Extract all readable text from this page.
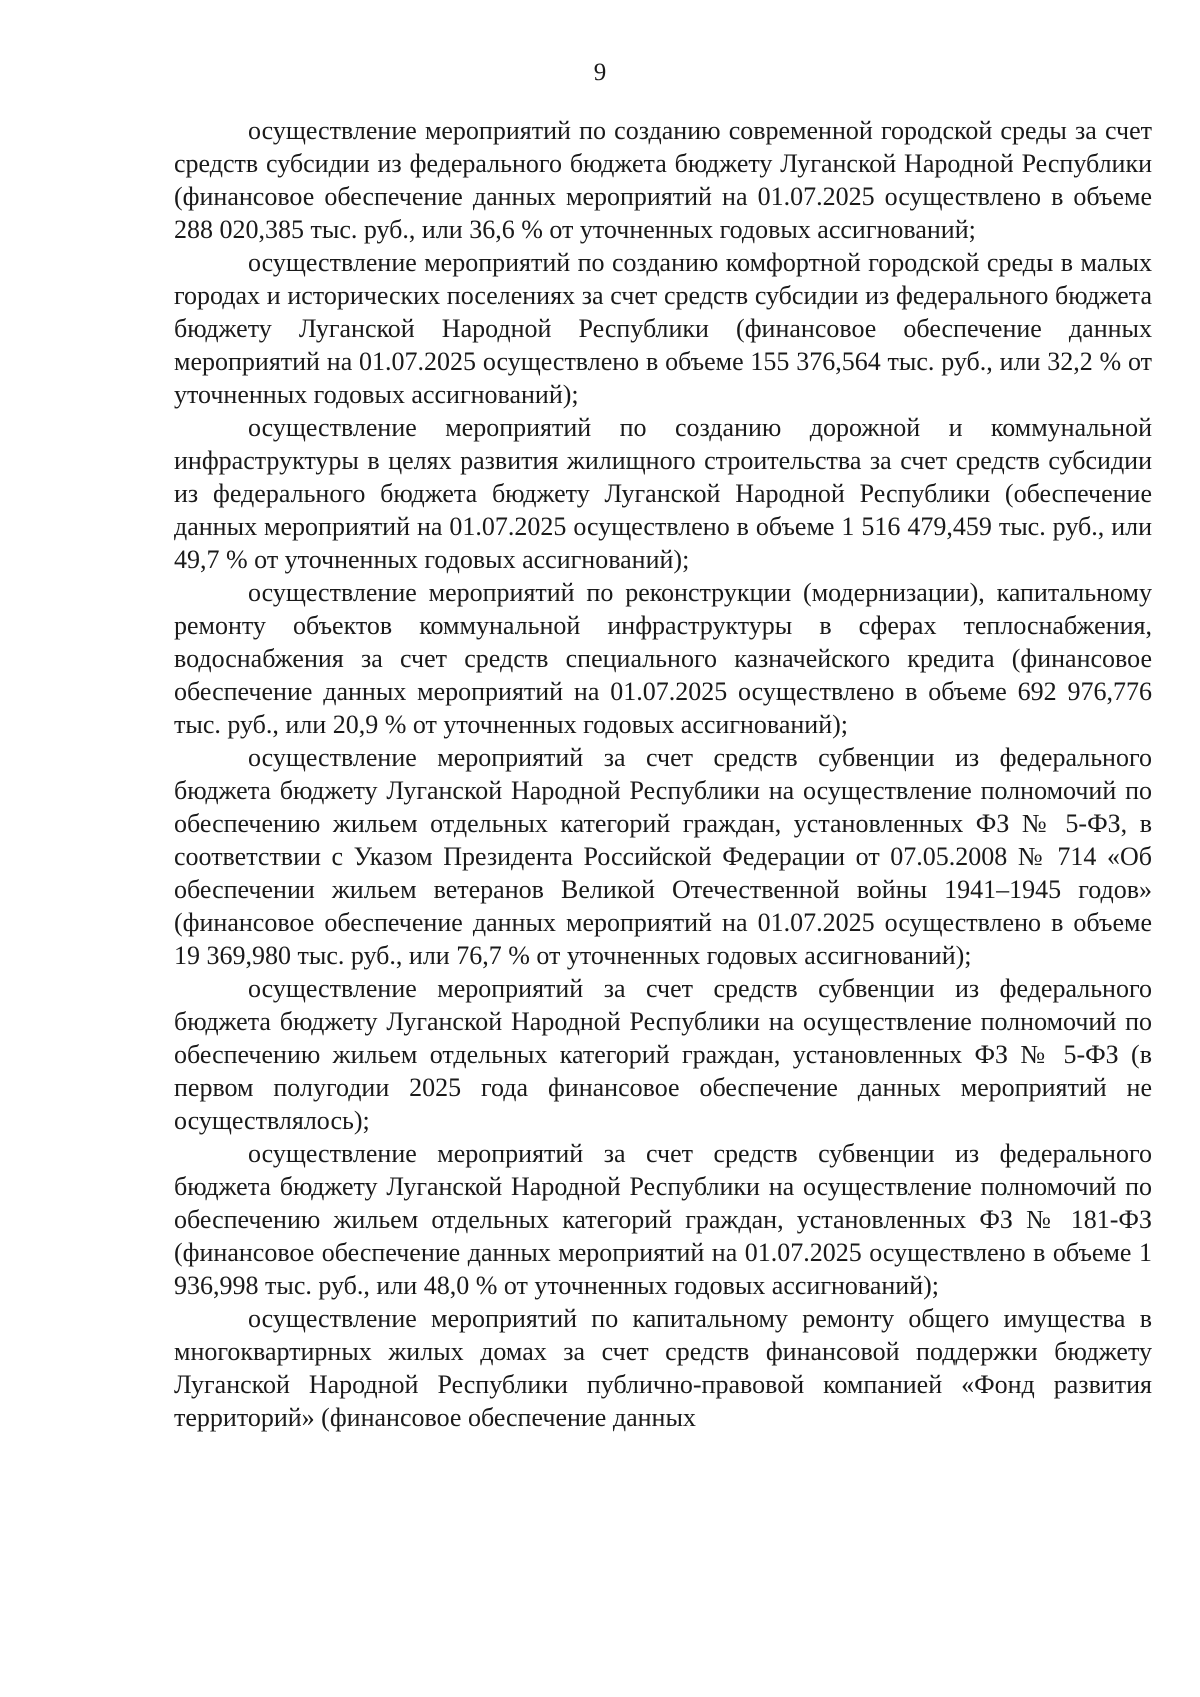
9

осуществление мероприятий по созданию современной городской среды за счет средств субсидии из федерального бюджета бюджету Луганской Народной Республики (финансовое обеспечение данных мероприятий на 01.07.2025 осуществлено в объеме 288 020,385 тыс. руб., или 36,6 % от уточненных годовых ассигнований;

осуществление мероприятий по созданию комфортной городской среды в малых городах и исторических поселениях за счет средств субсидии из федерального бюджета бюджету Луганской Народной Республики (финансовое обеспечение данных мероприятий на 01.07.2025 осуществлено в объеме 155 376,564 тыс. руб., или 32,2 % от уточненных годовых ассигнований);

осуществление мероприятий по созданию дорожной и коммунальной инфраструктуры в целях развития жилищного строительства за счет средств субсидии из федерального бюджета бюджету Луганской Народной Республики (обеспечение данных мероприятий на 01.07.2025 осуществлено в объеме 1 516 479,459 тыс. руб., или 49,7 % от уточненных годовых ассигнований);

осуществление мероприятий по реконструкции (модернизации), капитальному ремонту объектов коммунальной инфраструктуры в сферах теплоснабжения, водоснабжения за счет средств специального казначейского кредита (финансовое обеспечение данных мероприятий на 01.07.2025 осуществлено в объеме 692 976,776 тыс. руб., или 20,9 % от уточненных годовых ассигнований);

осуществление мероприятий за счет средств субвенции из федерального бюджета бюджету Луганской Народной Республики на осуществление полномочий по обеспечению жильем отдельных категорий граждан, установленных ФЗ № 5-ФЗ, в соответствии с Указом Президента Российской Федерации от 07.05.2008 № 714 «Об обеспечении жильем ветеранов Великой Отечественной войны 1941–1945 годов» (финансовое обеспечение данных мероприятий на 01.07.2025 осуществлено в объеме 19 369,980 тыс. руб., или 76,7 % от уточненных годовых ассигнований);

осуществление мероприятий за счет средств субвенции из федерального бюджета бюджету Луганской Народной Республики на осуществление полномочий по обеспечению жильем отдельных категорий граждан, установленных ФЗ № 5-ФЗ (в первом полугодии 2025 года финансовое обеспечение данных мероприятий не осуществлялось);

осуществление мероприятий за счет средств субвенции из федерального бюджета бюджету Луганской Народной Республики на осуществление полномочий по обеспечению жильем отдельных категорий граждан, установленных ФЗ № 181-ФЗ (финансовое обеспечение данных мероприятий на 01.07.2025 осуществлено в объеме 1 936,998 тыс. руб., или 48,0 % от уточненных годовых ассигнований);

осуществление мероприятий по капитальному ремонту общего имущества в многоквартирных жилых домах за счет средств финансовой поддержки бюджету Луганской Народной Республики публично-правовой компанией «Фонд развития территорий» (финансовое обеспечение данных
